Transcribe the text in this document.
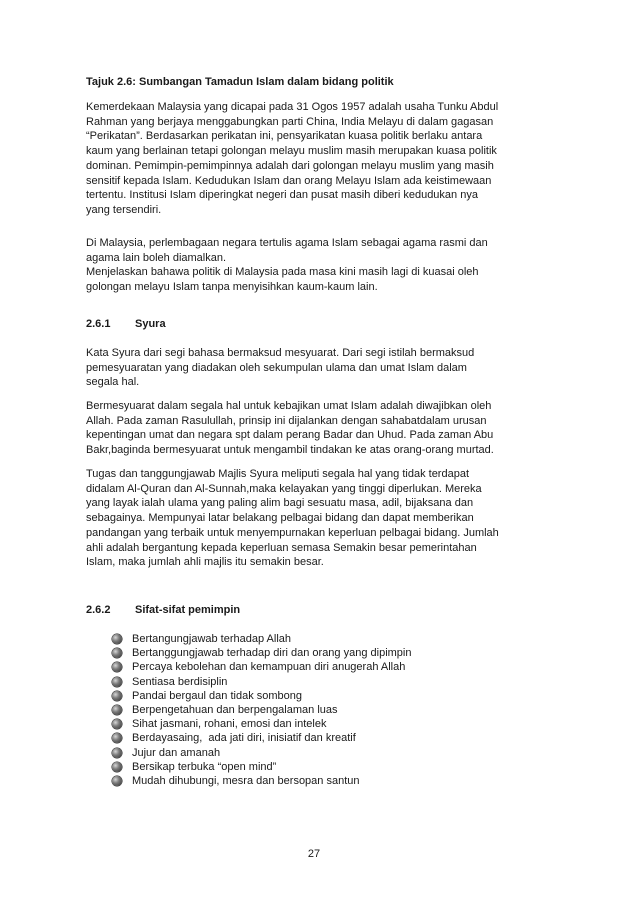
Tajuk 2.6: Sumbangan Tamadun Islam dalam bidang politik

Kemerdekaan Malaysia yang dicapai pada 31 Ogos 1957 adalah usaha Tunku Abdul
Rahman yang berjaya menggabungkan parti China, India Melayu di dalam gagasan
“Perikatan”. Berdasarkan perikatan ini, pensyarikatan kuasa politik berlaku antara
kaum yang berlainan tetapi golongan melayu muslim masih merupakan kuasa politik
dominan. Pemimpin-pemimpinnya adalah dari golongan melayu muslim yang masih
sensitif kepada Islam. Kedudukan Islam dan orang Melayu Islam ada keistimewaan
tertentu. Institusi Islam diperingkat negeri dan pusat masih diberi kedudukan nya
yang tersendiri.

Di Malaysia, perlembagaan negara tertulis agama Islam sebagai agama rasmi dan
agama lain boleh diamalkan.
Menjelaskan bahawa politik di Malaysia pada masa kini masih lagi di kuasai oleh
golongan melayu Islam tanpa menyisihkan kaum-kaum lain.

2.6.1 Syura

Kata Syura dari segi bahasa bermaksud mesyuarat. Dari segi istilah bermaksud
pemesyuaratan yang diadakan oleh sekumpulan ulama dan umat Islam dalam
segala hal.

Bermesyuarat dalam segala hal untuk kebajikan umat Islam adalah diwajibkan oleh
Allah. Pada zaman Rasulullah, prinsip ini dijalankan dengan sahabatdalam urusan
kepentingan umat dan negara spt dalam perang Badar dan Uhud. Pada zaman Abu
Bakr,baginda bermesyuarat untuk mengambil tindakan ke atas orang-orang murtad.

Tugas dan tanggungjawab Majlis Syura meliputi segala hal yang tidak terdapat
didalam Al-Quran dan Al-Sunnah,maka kelayakan yang tinggi diperlukan. Mereka
yang layak ialah ulama yang paling alim bagi sesuatu masa, adil, bijaksana dan
sebagainya. Mempunyai latar belakang pelbagai bidang dan dapat memberikan
pandangan yang terbaik untuk menyempurnakan keperluan pelbagai bidang. Jumlah
ahli adalah bergantung kepada keperluan semasa Semakin besar pemerintahan
Islam, maka jumlah ahli majlis itu semakin besar.

2.6.2 Sifat-sifat pemimpin
Bertangungjawab terhadap Allah
Bertanggungjawab terhadap diri dan orang yang dipimpin
Percaya kebolehan dan kemampuan diri anugerah Allah
Sentiasa berdisiplin
Pandai bergaul dan tidak sombong
Berpengetahuan dan berpengalaman luas
Sihat jasmani, rohani, emosi dan intelek
Berdayasaing,  ada jati diri, inisiatif dan kreatif
Jujur dan amanah
Bersikap terbuka “open mind”
Mudah dihubungi, mesra dan bersopan santun
27
